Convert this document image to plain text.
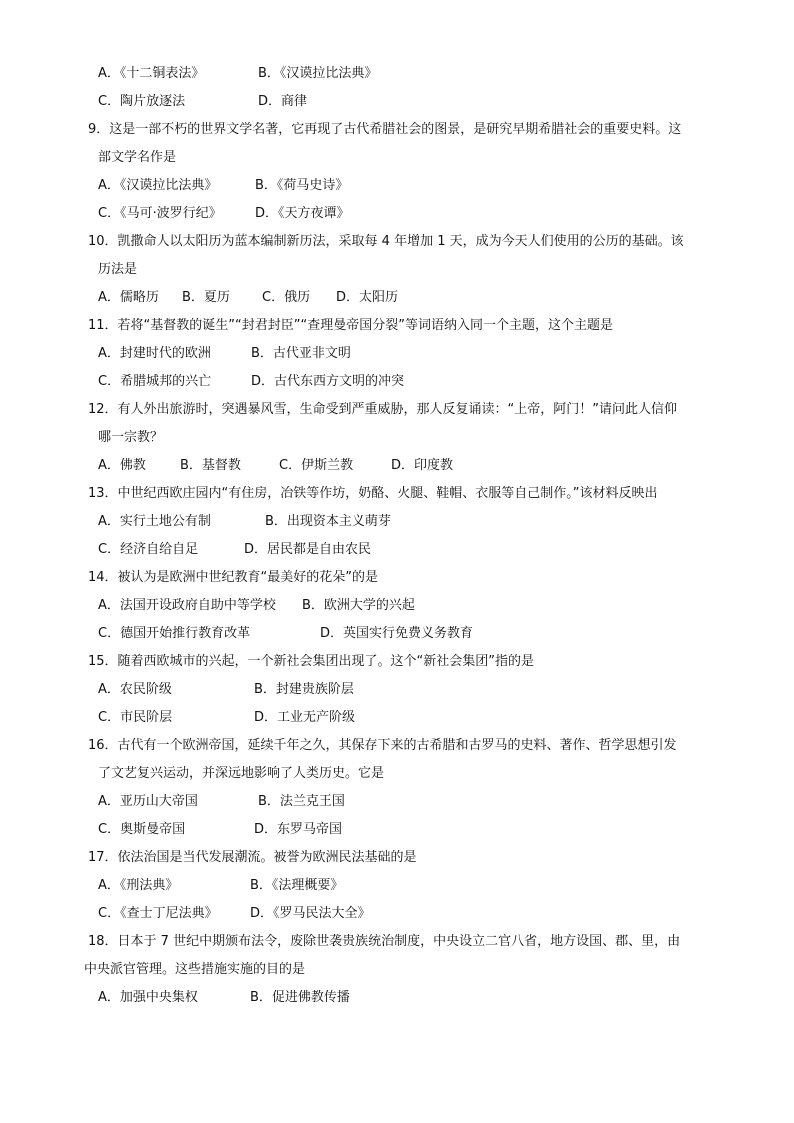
A．《十二铜表法》	B．《汉谟拉比法典》
C．陶片放逐法	D．商律
9．这是一部不朽的世界文学名著，它再现了古代希腊社会的图景，是研究早期希腊社会的重要史料。这
部文学名作是
A．《汉谟拉比法典》	B．《荷马史诗》
C．《马可·波罗行纪》	D．《天方夜谭》
10．凯撒命人以太阳历为蓝本编制新历法，采取每 4 年增加 1 天，成为今天人们使用的公历的基础。该
历法是
A．儒略历	B．夏历	C．俄历	D．太阳历
11．若将“基督教的诞生”“封君封臣”“查理曼帝国分裂”等词语纳入同一个主题，这个主题是
A．封建时代的欧洲	B．古代亚非文明
C．希腊城邦的兴亡	D．古代东西方文明的冲突
12．有人外出旅游时，突遇暴风雪，生命受到严重威胁，那人反复诵读：“上帝，阿门！”请问此人信仰
哪一宗教？
A．佛教	B．基督教	C．伊斯兰教	D．印度教
13．中世纪西欧庄园内“有住房，冶铁等作坊，奶酪、火腿、鞋帽、衣服等自己制作。”该材料反映出
A．实行土地公有制	B．出现资本主义萌芽
C．经济自给自足	D．居民都是自由农民
14．被认为是欧洲中世纪教育“最美好的花朵”的是
A．法国开设政府自助中等学校	B．欧洲大学的兴起
C．德国开始推行教育改革	D．英国实行免费义务教育
15．随着西欧城市的兴起，一个新社会集团出现了。这个“新社会集团”指的是
A．农民阶级	B．封建贵族阶层
C．市民阶层	D．工业无产阶级
16．古代有一个欧洲帝国，延续千年之久，其保存下来的古希腊和古罗马的史料、著作、哲学思想引发
了文艺复兴运动，并深远地影响了人类历史。它是
A．亚历山大帝国	B．法兰克王国
C．奥斯曼帝国	D．东罗马帝国
17．依法治国是当代发展潮流。被誉为欧洲民法基础的是
A．《刑法典》	B．《法理概要》
C．《查士丁尼法典》	D．《罗马民法大全》
18．日本于 7 世纪中期颁布法令，废除世袭贵族统治制度，中央设立二官八省，地方设国、郡、里，由
中央派官管理。这些措施实施的目的是
A．加强中央集权	B．促进佛教传播
